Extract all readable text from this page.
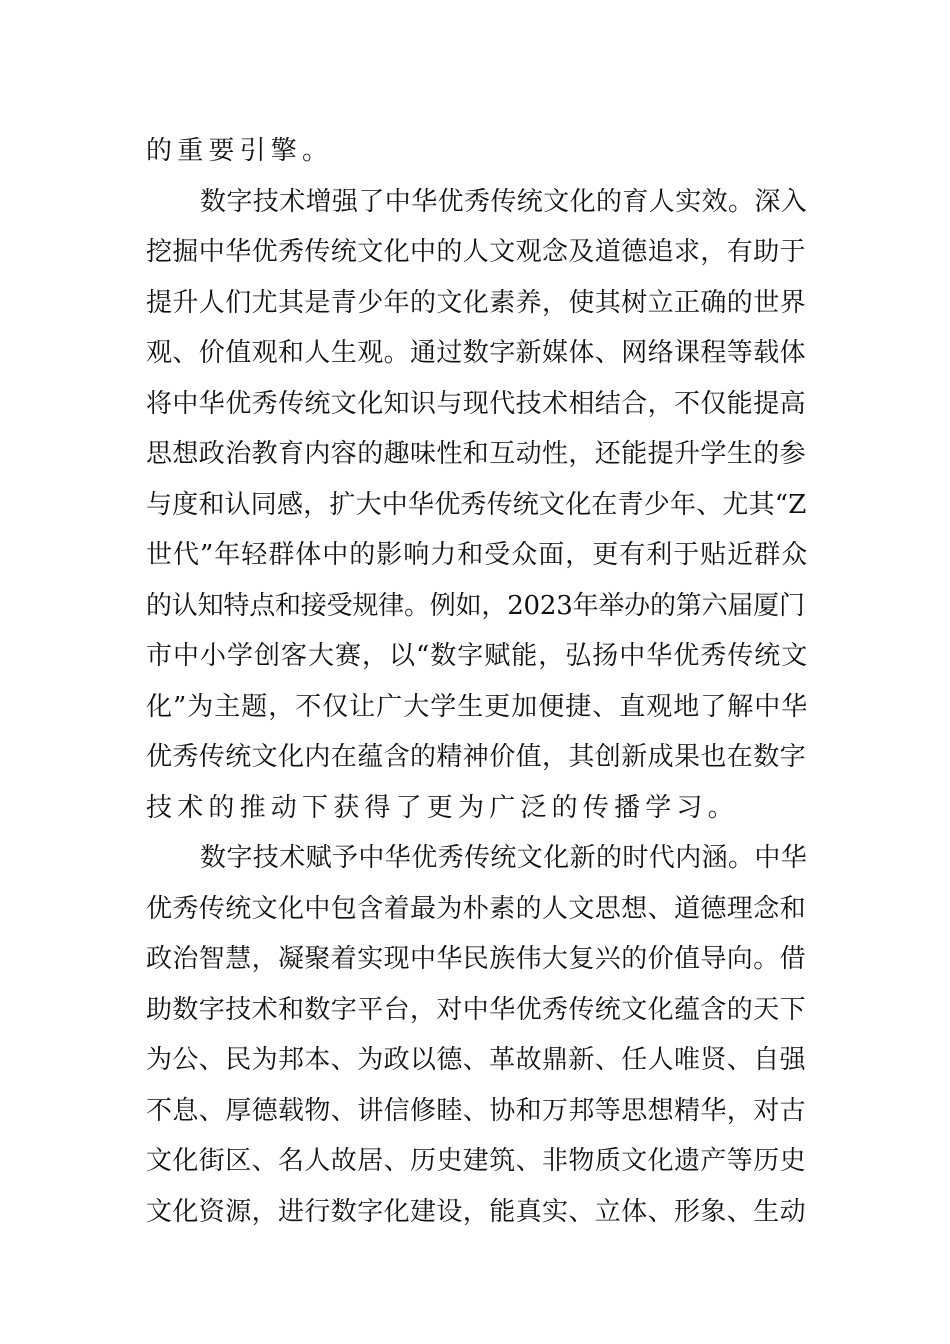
的重要引擎。
数字技术增强了中华优秀传统文化的育人实效。深入
挖掘中华优秀传统文化中的人文观念及道德追求，有助于
提升人们尤其是青少年的文化素养，使其树立正确的世界
观、价值观和人生观。通过数字新媒体、网络课程等载体
将中华优秀传统文化知识与现代技术相结合，不仅能提高
思想政治教育内容的趣味性和互动性，还能提升学生的参
与度和认同感，扩大中华优秀传统文化在青少年、尤其“Z
世代”年轻群体中的影响力和受众面，更有利于贴近群众
的认知特点和接受规律。例如，2023年举办的第六届厦门
市中小学创客大赛，以“数字赋能，弘扬中华优秀传统文
化”为主题，不仅让广大学生更加便捷、直观地了解中华
优秀传统文化内在蕴含的精神价值，其创新成果也在数字
技术的推动下获得了更为广泛的传播学习。
数字技术赋予中华优秀传统文化新的时代内涵。中华
优秀传统文化中包含着最为朴素的人文思想、道德理念和
政治智慧，凝聚着实现中华民族伟大复兴的价值导向。借
助数字技术和数字平台，对中华优秀传统文化蕴含的天下
为公、民为邦本、为政以德、革故鼎新、任人唯贤、自强
不息、厚德载物、讲信修睦、协和万邦等思想精华，对古
文化街区、名人故居、历史建筑、非物质文化遗产等历史
文化资源，进行数字化建设，能真实、立体、形象、生动
